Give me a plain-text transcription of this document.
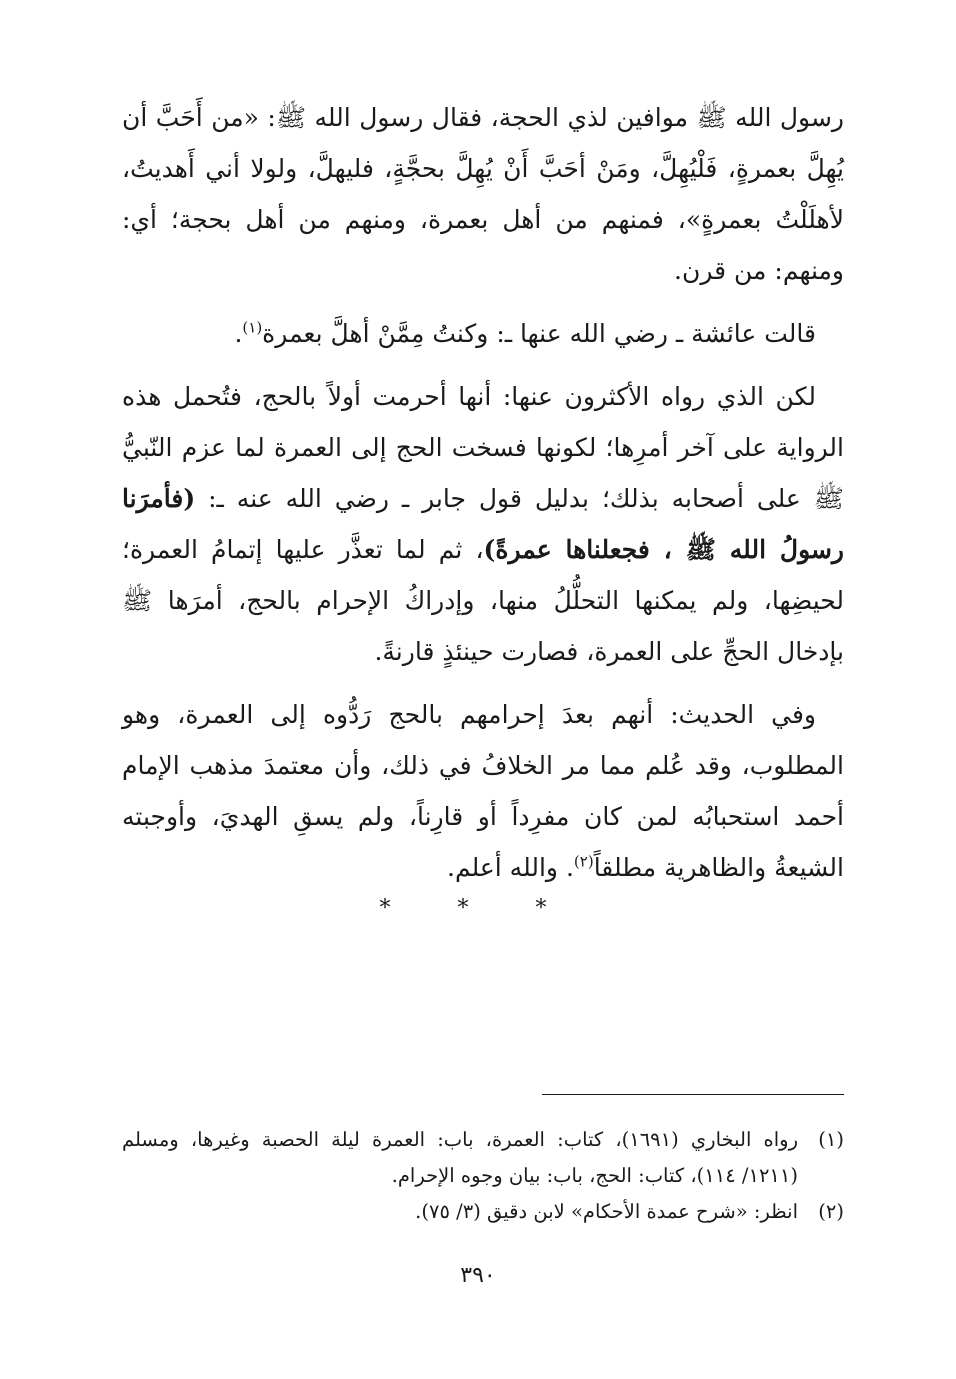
رسول الله ﷺ موافين لذي الحجة، فقال رسول الله ﷺ: «من أَحَبَّ أن يُهِلَّ بعمرةٍ، فَلْيُهِلَّ، ومَنْ أحَبَّ أَنْ يُهِلَّ بحجَّةٍ، فليهلَّ، ولولا أني أَهديتُ، لأهلَلْتُ بعمرةٍ»، فمنهم من أهل بعمرة، ومنهم من أهل بحجة؛ أي: ومنهم: من قرن.

قالت عائشة ـ رضي الله عنها ـ: وكنتُ مِمَّنْ أهلَّ بعمرة$^{(١)}$.

لكن الذي رواه الأكثرون عنها: أنها أحرمت أولاً بالحج، فتُحمل هذه الرواية على آخر أمرِها؛ لكونها فسخت الحج إلى العمرة لما عزم النّبيُّ ﷺ على أصحابه بذلك؛ بدليل قول جابر ـ رضي الله عنه ـ: (فأمرَنا رسولُ الله ﷺ ، فجعلناها عمرةً)، ثم لما تعذَّر عليها إتمامُ العمرة؛ لحيضِها، ولم يمكنها التحلُّلُ منها، وإدراكُ الإحرام بالحج، أمرَها ﷺ بإدخال الحجِّ على العمرة، فصارت حينئذٍ قارنةً.

وفي الحديث: أنهم بعدَ إحرامهم بالحج رَدُّوه إلى العمرة، وهو المطلوب، وقد عُلم مما مر الخلافُ في ذلك، وأن معتمدَ مذهب الإمام أحمد استحبابُه لمن كان مفرِداً أو قارِناً، ولم يسقِ الهديَ، وأوجبته الشيعةُ والظاهرية مطلقاً$^{(٢)}$. والله أعلم.

* * *
(١)
رواه البخاري (١٦٩١)، كتاب: العمرة، باب: العمرة ليلة الحصبة وغيرها، ومسلم (١٢١١/ ١١٤)، كتاب: الحج، باب: بيان وجوه الإحرام.
(٢)
انظر: «شرح عمدة الأحكام» لابن دقيق (٣/ ٧٥).
٣٩٠
